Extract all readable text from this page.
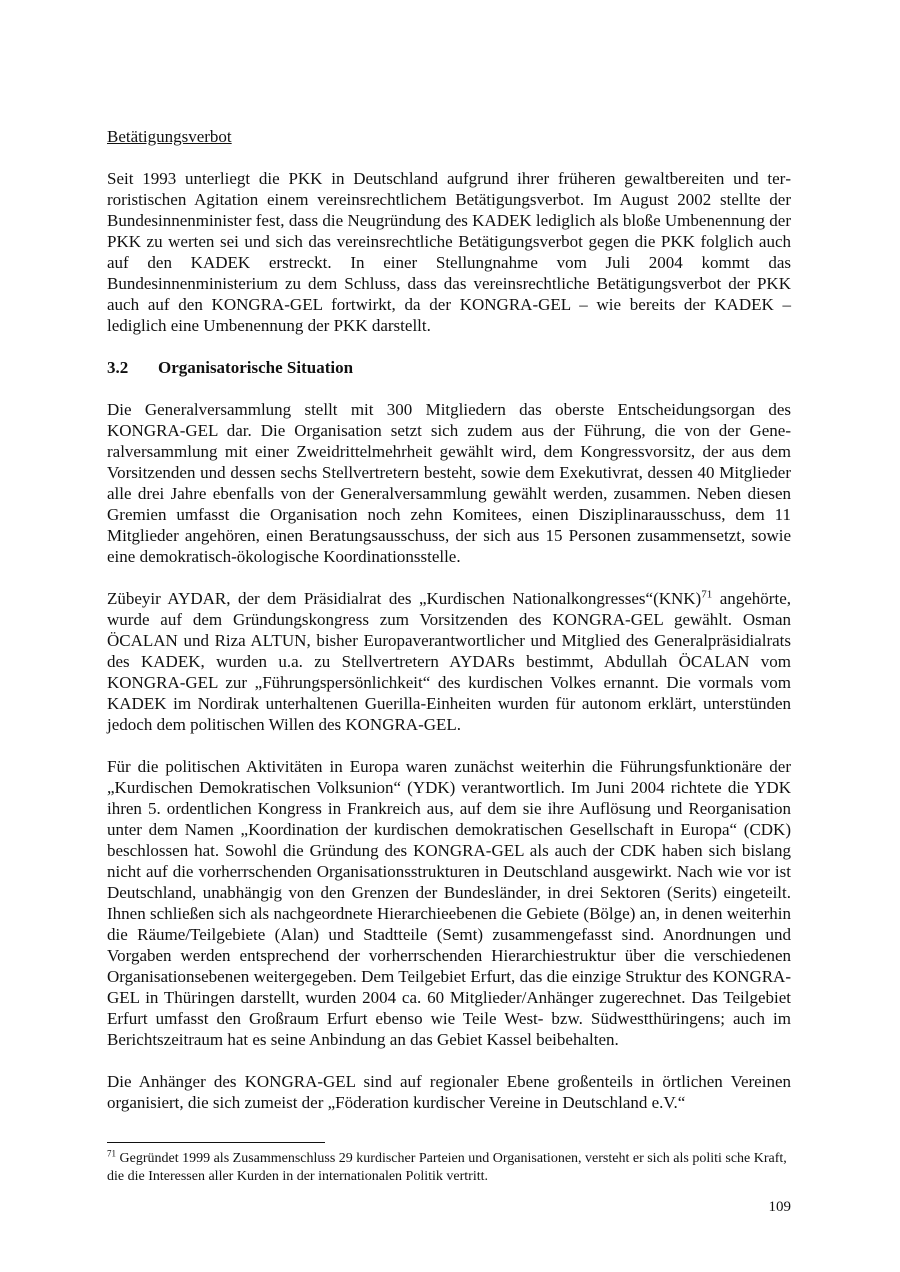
Betätigungsverbot

Seit 1993 unterliegt die PKK in Deutschland aufgrund ihrer früheren gewaltbereiten und terroristischen Agitation einem vereinsrechtlichem Betätigungsverbot. Im August 2002 stellte der Bundesinnenminister fest, dass die Neugründung des KADEK lediglich als bloße Umbenennung der PKK zu werten sei und sich das vereinsrechtliche Betätigungsverbot gegen die PKK folglich auch auf den KADEK erstreckt. In einer Stellungnahme vom Juli 2004 kommt das Bundesinnenministerium zu dem Schluss, dass das vereinsrechtliche Betätigungsverbot der PKK auch auf den KONGRA-GEL fortwirkt, da der KONGRA-GEL – wie bereits der KADEK – lediglich eine Umbenennung der PKK darstellt.

3.2 Organisatorische Situation

Die Generalversammlung stellt mit 300 Mitgliedern das oberste Entscheidungsorgan des KONGRA-GEL dar. Die Organisation setzt sich zudem aus der Führung, die von der Generalversammlung mit einer Zweidrittelmehrheit gewählt wird, dem Kongressvorsitz, der aus dem Vorsitzenden und dessen sechs Stellvertretern besteht, sowie dem Exekutivrat, dessen 40 Mitglieder alle drei Jahre ebenfalls von der Generalversammlung gewählt werden, zusammen. Neben diesen Gremien umfasst die Organisation noch zehn Komitees, einen Disziplinarausschuss, dem 11 Mitglieder angehören, einen Beratungsausschuss, der sich aus 15 Personen zusammensetzt, sowie eine demokratisch-ökologische Koordinationsstelle.

Zübeyir AYDAR, der dem Präsidialrat des „Kurdischen Nationalkongresses“(KNK)$^{71}$ angehörte, wurde auf dem Gründungskongress zum Vorsitzenden des KONGRA-GEL gewählt. Osman ÖCALAN und Riza ALTUN, bisher Europaverantwortlicher und Mitglied des Generalpräsidialrats des KADEK, wurden u.a. zu Stellvertretern AYDARs bestimmt, Abdullah ÖCALAN vom KONGRA-GEL zur „Führungspersönlichkeit“ des kurdischen Volkes ernannt. Die vormals vom KADEK im Nordirak unterhaltenen Guerilla-Einheiten wurden für autonom erklärt, unterstünden jedoch dem politischen Willen des KONGRA-GEL.

Für die politischen Aktivitäten in Europa waren zunächst weiterhin die Führungsfunktionäre der „Kurdischen Demokratischen Volksunion“ (YDK) verantwortlich. Im Juni 2004 richtete die YDK ihren 5. ordentlichen Kongress in Frankreich aus, auf dem sie ihre Auflösung und Reorganisation unter dem Namen „Koordination der kurdischen demokratischen Gesellschaft in Europa“ (CDK) beschlossen hat. Sowohl die Gründung des KONGRA-GEL als auch der CDK haben sich bislang nicht auf die vorherrschenden Organisationsstrukturen in Deutschland ausgewirkt. Nach wie vor ist Deutschland, unabhängig von den Grenzen der Bundesländer, in drei Sektoren (Serits) eingeteilt. Ihnen schließen sich als nachgeordnete Hierarchieebenen die Gebiete (Bölge) an, in denen weiterhin die Räume/Teilgebiete (Alan) und Stadtteile (Semt) zusammengefasst sind. Anordnungen und Vorgaben werden entsprechend der vorherrschenden Hierarchiestruktur über die verschiedenen Organisationsebenen weitergegeben. Dem Teilgebiet Erfurt, das die einzige Struktur des KONGRA-GEL in Thüringen darstellt, wurden 2004 ca. 60 Mitglieder/Anhänger zugerechnet. Das Teilgebiet Erfurt umfasst den Großraum Erfurt ebenso wie Teile West- bzw. Südwestthüringens; auch im Berichtszeitraum hat es seine Anbindung an das Gebiet Kassel beibehalten.

Die Anhänger des KONGRA-GEL sind auf regionaler Ebene großenteils in örtlichen Vereinen organisiert, die sich zumeist der „Föderation kurdischer Vereine in Deutschland e.V.“

$^{71}$ Gegründet 1999 als Zusammenschluss 29 kurdischer Parteien und Organisationen, versteht er sich als politi sche Kraft, die die Interessen aller Kurden in der internationalen Politik vertritt.
109
